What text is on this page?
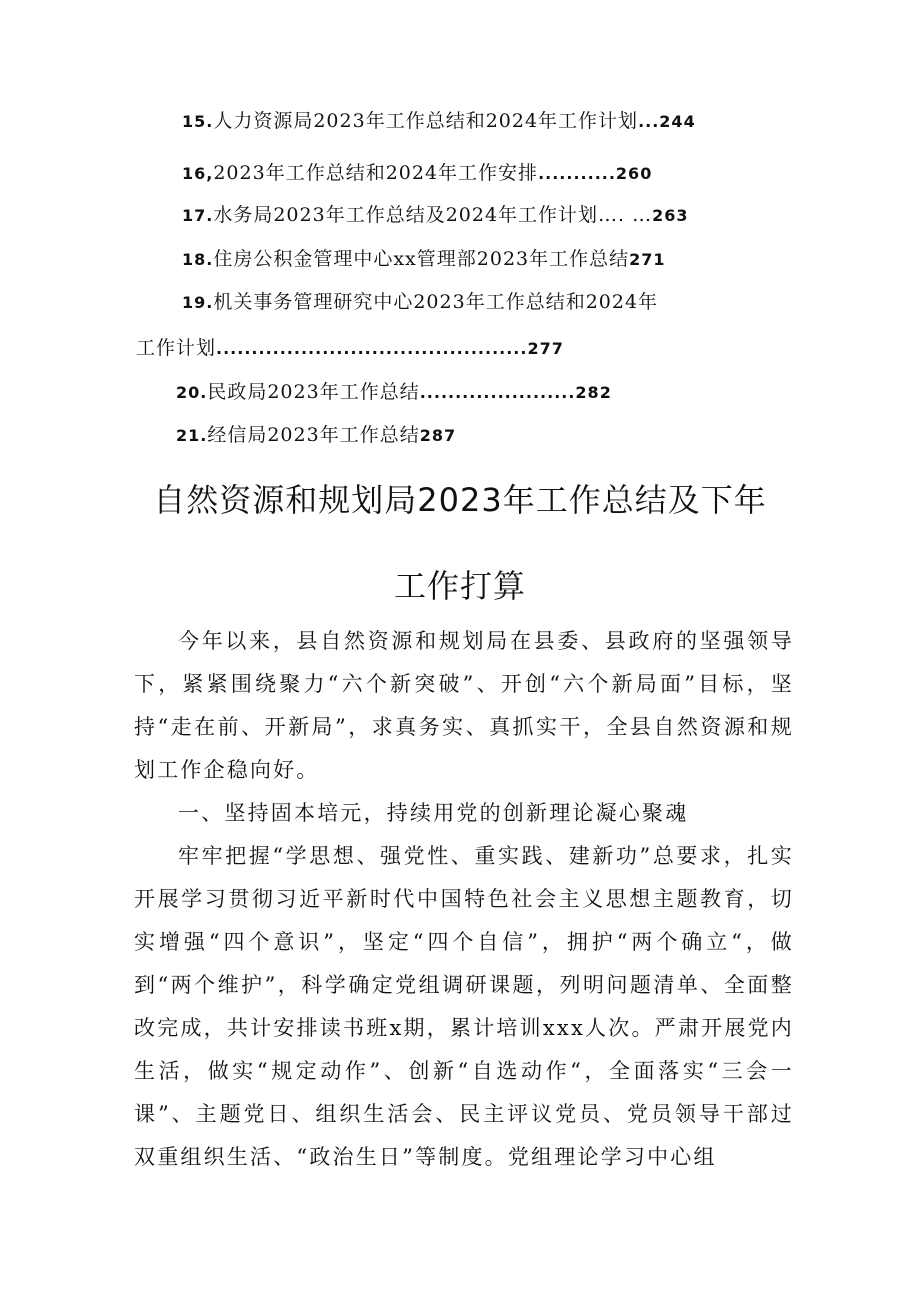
15.人力资源局2023年工作总结和2024年工作计划...244
16,2023年工作总结和2024年工作安排...........260
17.水务局2023年工作总结及2024年工作计划…. …263
18.住房公积金管理中心xx管理部2023年工作总结271
19.机关事务管理研究中心2023年工作总结和2024年
工作计划............................................277
20.民政局2023年工作总结......................282
21.经信局2023年工作总结287
自然资源和规划局2023年工作总结及下年
工作打算

今年以来，县自然资源和规划局在县委、县政府的坚强领导下，紧紧围绕聚力“六个新突破”、开创“六个新局面”目标，坚持“走在前、开新局”，求真务实、真抓实干，全县自然资源和规划工作企稳向好。

一、坚持固本培元，持续用党的创新理论凝心聚魂

牢牢把握“学思想、强党性、重实践、建新功”总要求，扎实开展学习贯彻习近平新时代中国特色社会主义思想主题教育，切实增强“四个意识”，坚定“四个自信”，拥护“两个确立“，做到“两个维护”，科学确定党组调研课题，列明问题清单、全面整改完成，共计安排读书班x期，累计培训xxx人次。严肃开展党内生活，做实“规定动作”、创新“自选动作“，全面落实“三会一课”、主题党日、组织生活会、民主评议党员、党员领导干部过双重组织生活、“政治生日”等制度。党组理论学习中心组
